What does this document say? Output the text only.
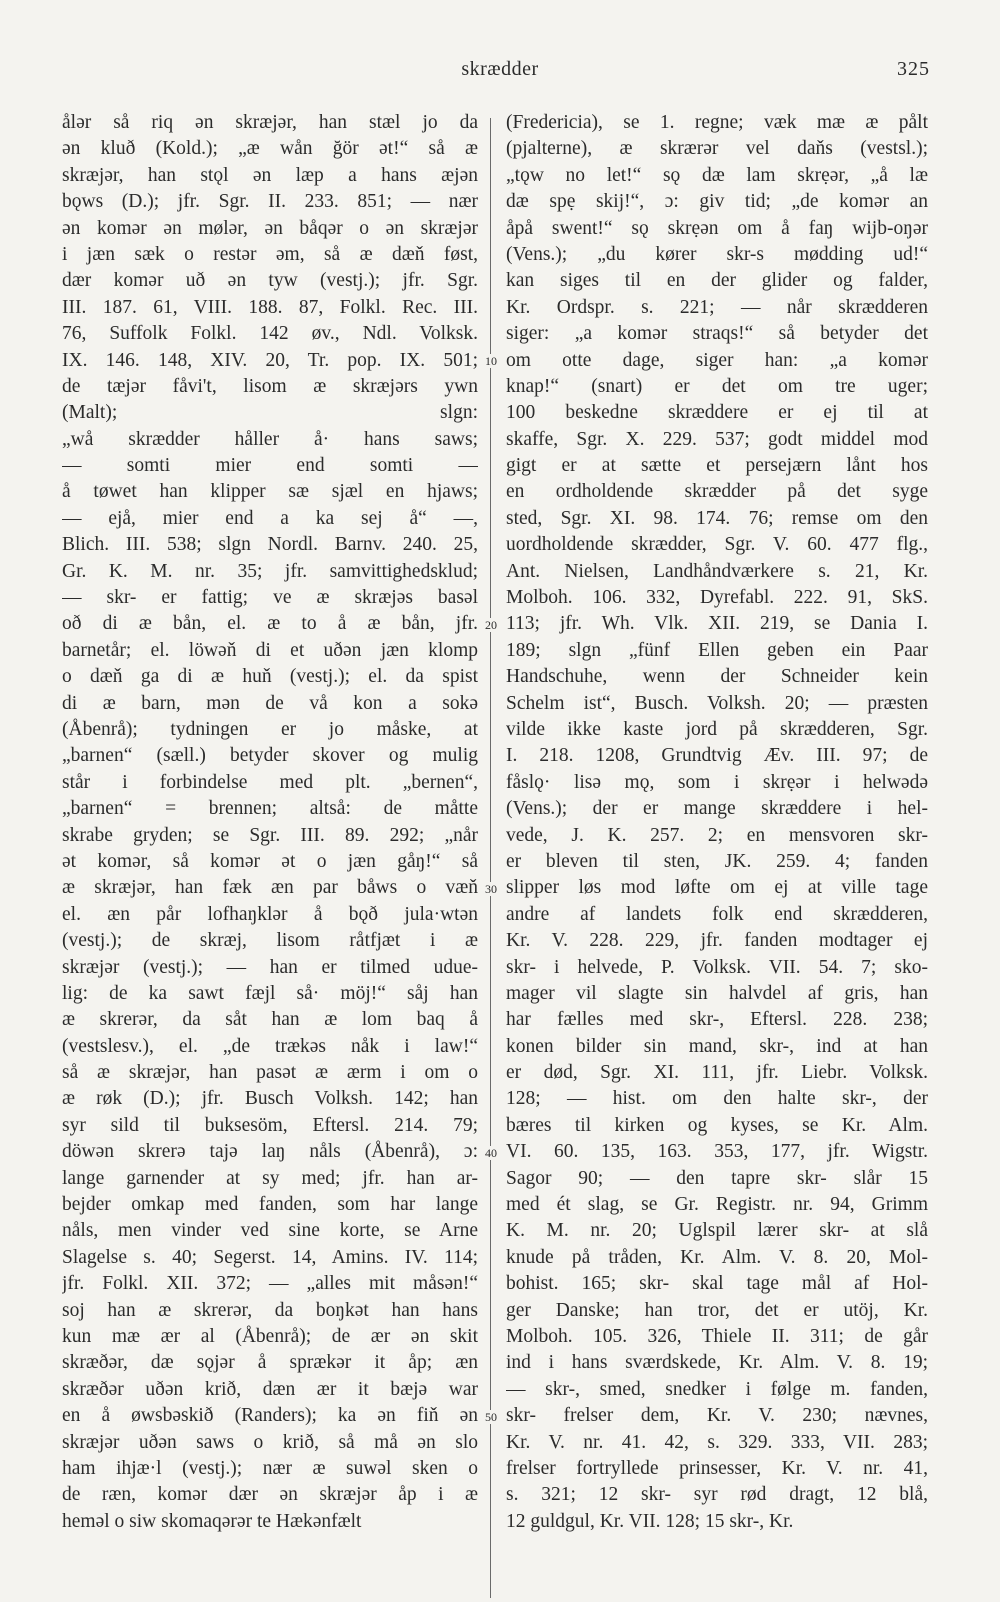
skrædder	325
ålər så riq ən skræjər, han stæl jo da
ən kluð (Kold.); „æ wån ğör ət!“ så æ
skræjər, han stǫl ən læp a hans æjən
bǫws (D.); jfr. Sgr. II. 233. 851; — nær
ən komər ən mølər, ən båqər o ən skræjər
i jæn sæk o restər əm, så æ dæň føst,
dær komər uð ən tyw (vestj.); jfr. Sgr.
III. 187. 61, VIII. 188. 87, Folkl. Rec. III.
76, Suffolk Folkl. 142 øv., Ndl. Volksk.
IX. 146. 148, XIV. 20, Tr. pop. IX. 501;
de tæjər fåvi't, lisom æ skræjərs ywn
(Malt); slgn:
„wå skrædder håller å· hans saws;
— somti mier end somti —
å tøwet han klipper sæ sjæl en hjaws;
— ejå, mier end a ka sej å“ —,
Blich. III. 538; slgn Nordl. Barnv. 240. 25,
Gr. K. M. nr. 35; jfr. samvittighedsklud;
— skr- er fattig; ve æ skræjəs basəl
oð di æ bån, el. æ to å æ bån, jfr.
barnetår; el. löwəň di et uðən jæn klomp
o dæň ga di æ huň (vestj.); el. da spist
di æ barn, mən de vå kon a sokə
(Åbenrå); tydningen er jo måske, at
„barnen“ (sæll.) betyder skover og mulig
står i forbindelse med plt. „bernen“,
„barnen“ = brennen; altså: de måtte
skrabe gryden; se Sgr. III. 89. 292; „når
ət komər, så komər ət o jæn gåŋ!“ så
æ skræjər, han fæk æn par båws o væň
el. æn pår lofhaŋklər å bǫð jula·wtən
(vestj.); de skræj, lisom råtfjæt i æ
skræjər (vestj.); — han er tilmed udue-
lig: de ka sawt fæjl så· möj!“ såj han
æ skrerər, da såt han æ lom baq å
(vestslesv.), el. „de trækəs nåk i law!“
så æ skræjər, han pasət æ ærm i om o
æ røk (D.); jfr. Busch Volksh. 142; han
syr sild til buksesöm, Eftersl. 214. 79;
döwən skrerə tajə laŋ nåls (Åbenrå), ɔ:
lange garnender at sy med; jfr. han ar-
bejder omkap med fanden, som har lange
nåls, men vinder ved sine korte, se Arne
Slagelse s. 40; Segerst. 14, Amins. IV. 114;
jfr. Folkl. XII. 372; — „alles mit måsən!“
soj han æ skrerər, da boŋkət han hans
kun mæ ær al (Åbenrå); de ær ən skit
skræðər, dæ sǫjər å sprækər it åp; æn
skræðər uðən krið, dæn ær it bæjə war
en å øwsbəskið (Randers); ka ən fiň ən
skræjər uðən saws o krið, så må ən slo
ham ihjæ·l (vestj.); nær æ suwəl sken o
de ræn, komər dær ən skræjər åp i æ
heməl o siw skomaqərər te Hækənfælt
10
20
30
40
50
(Fredericia), se 1. regne; væk mæ æ pålt
(pjalterne), æ skrærər vel daňs (vestsl.);
„tǫw no let!“ sǫ dæ lam skrẹər, „å læ
dæ spẹ skij!“, ɔ: giv tid; „de komər an
åpå swent!“ sǫ skrẹən om å faŋ wijb-oŋər
(Vens.); „du kører skr-s mødding ud!“
kan siges til en der glider og falder,
Kr. Ordspr. s. 221; — når skrædderen
siger: „a komər straqs!“ så betyder det
om otte dage, siger han: „a komər
knap!“ (snart) er det om tre uger;
100 beskedne skræddere er ej til at
skaffe, Sgr. X. 229. 537; godt middel mod
gigt er at sætte et persejærn lånt hos
en ordholdende skrædder på det syge
sted, Sgr. XI. 98. 174. 76; remse om den
uordholdende skrædder, Sgr. V. 60. 477 flg.,
Ant. Nielsen, Landhåndværkere s. 21, Kr.
Molboh. 106. 332, Dyrefabl. 222. 91, SkS.
113; jfr. Wh. Vlk. XII. 219, se Dania I.
189; slgn „fünf Ellen geben ein Paar
Handschuhe, wenn der Schneider kein
Schelm ist“, Busch. Volksh. 20; — præsten
vilde ikke kaste jord på skrædderen, Sgr.
I. 218. 1208, Grundtvig Æv. III. 97; de
fåslǫ· lisə mǫ, som i skrẹər i helwədə
(Vens.); der er mange skræddere i hel-
vede, J. K. 257. 2; en mensvoren skr-
er bleven til sten, JK. 259. 4; fanden
slipper løs mod løfte om ej at ville tage
andre af landets folk end skrædderen,
Kr. V. 228. 229, jfr. fanden modtager ej
skr- i helvede, P. Volksk. VII. 54. 7; sko-
mager vil slagte sin halvdel af gris, han
har fælles med skr-, Eftersl. 228. 238;
konen bilder sin mand, skr-, ind at han
er død, Sgr. XI. 111, jfr. Liebr. Volksk.
128; — hist. om den halte skr-, der
bæres til kirken og kyses, se Kr. Alm.
VI. 60. 135, 163. 353, 177, jfr. Wigstr.
Sagor 90; — den tapre skr- slår 15
med ét slag, se Gr. Registr. nr. 94, Grimm
K. M. nr. 20; Uglspil lærer skr- at slå
knude på tråden, Kr. Alm. V. 8. 20, Mol-
bohist. 165; skr- skal tage mål af Hol-
ger Danske; han tror, det er utöj, Kr.
Molboh. 105. 326, Thiele II. 311; de går
ind i hans sværdskede, Kr. Alm. V. 8. 19;
— skr-, smed, snedker i følge m. fanden,
skr- frelser dem, Kr. V. 230; nævnes,
Kr. V. nr. 41. 42, s. 329. 333, VII. 283;
frelser fortryllede prinsesser, Kr. V. nr. 41,
s. 321; 12 skr- syr rød dragt, 12 blå,
12 guldgul, Kr. VII. 128; 15 skr-, Kr.
